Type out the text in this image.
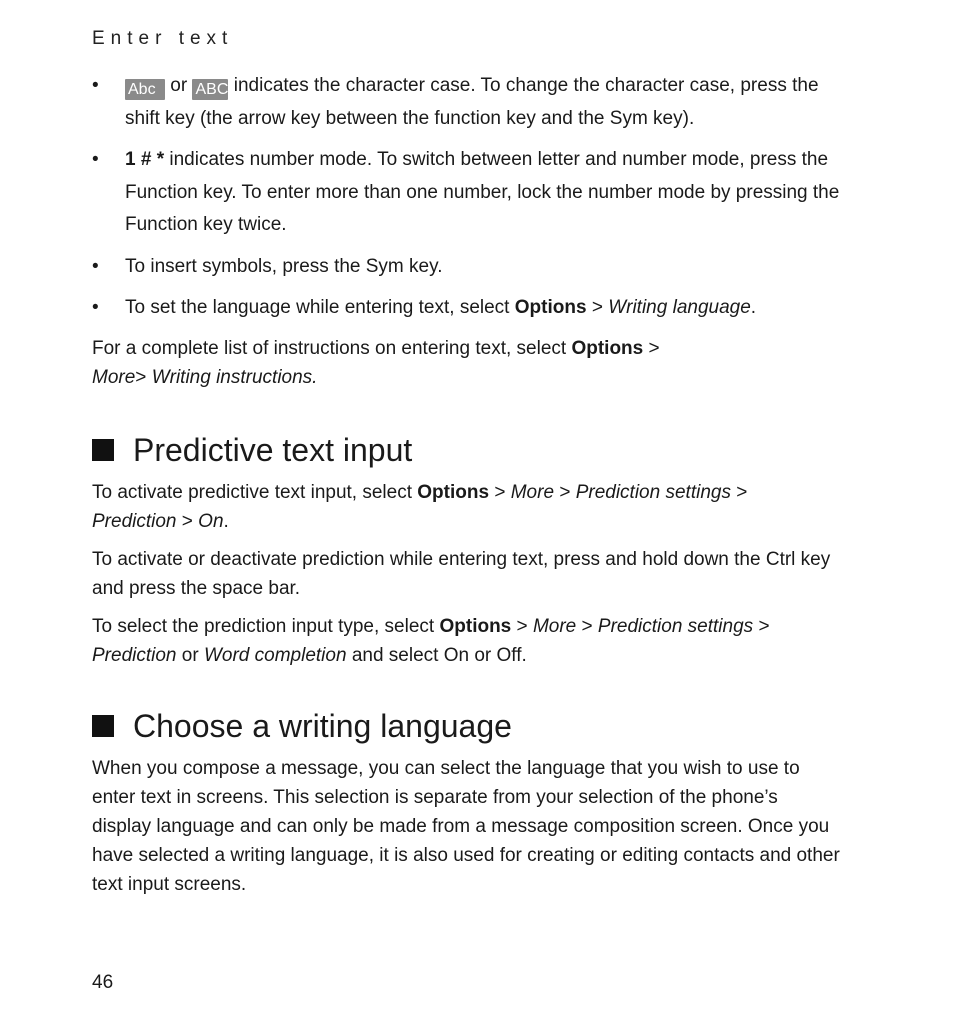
Enter text
• Abc or ABC indicates the character case. To change the character case, press the shift key (the arrow key between the function key and the Sym key).
• 1 # * indicates number mode. To switch between letter and number mode, press the Function key. To enter more than one number, lock the number mode by pressing the Function key twice.
• To insert symbols, press the Sym key.
• To set the language while entering text, select Options > Writing language.

For a complete list of instructions on entering text, select Options >
More> Writing instructions.

Predictive text input

To activate predictive text input, select Options > More > Prediction settings >
Prediction > On.

To activate or deactivate prediction while entering text, press and hold down the Ctrl key and press the space bar.

To select the prediction input type, select Options > More > Prediction settings >
Prediction or Word completion and select On or Off.

Choose a writing language

When you compose a message, you can select the language that you wish to use to enter text in screens. This selection is separate from your selection of the phone’s display language and can only be made from a message composition screen. Once you have selected a writing language, it is also used for creating or editing contacts and other text input screens.

46
